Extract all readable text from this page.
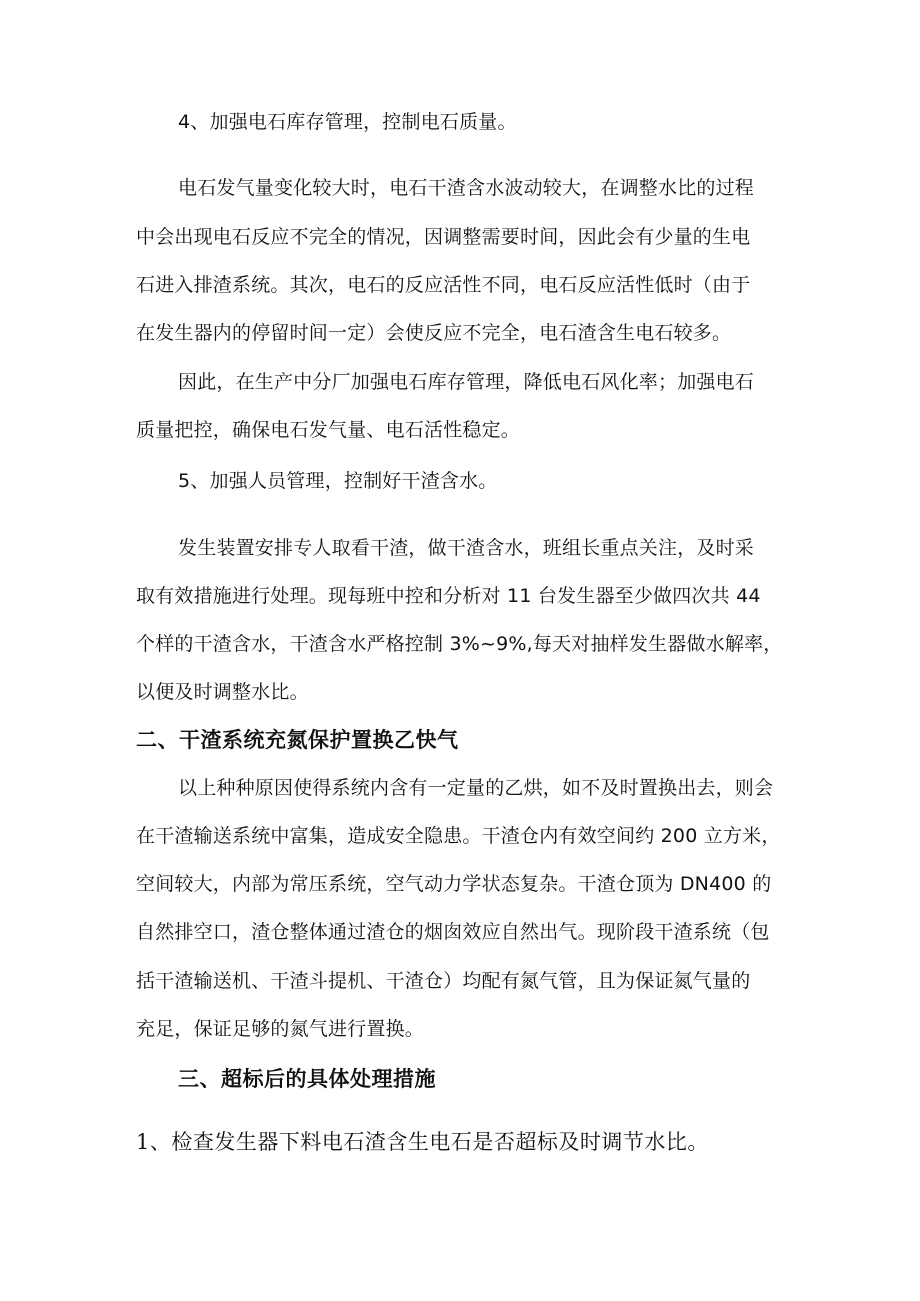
4、加强电石库存管理，控制电石质量。
电石发气量变化较大时，电石干渣含水波动较大，在调整水比的过程
中会出现电石反应不完全的情况，因调整需要时间，因此会有少量的生电
石进入排渣系统。其次，电石的反应活性不同，电石反应活性低时（由于
在发生器内的停留时间一定）会使反应不完全，电石渣含生电石较多。
因此，在生产中分厂加强电石库存管理，降低电石风化率；加强电石
质量把控，确保电石发气量、电石活性稳定。
5、加强人员管理，控制好干渣含水。
发生装置安排专人取看干渣，做干渣含水，班组长重点关注，及时采
取有效措施进行处理。现每班中控和分析对 11 台发生器至少做四次共 44
个样的干渣含水，干渣含水严格控制 3%~9%,每天对抽样发生器做水解率，
以便及时调整水比。
二、干渣系统充氮保护置换乙快气
以上种种原因使得系统内含有一定量的乙烘，如不及时置换出去，则会
在干渣输送系统中富集，造成安全隐患。干渣仓内有效空间约 200 立方米，
空间较大，内部为常压系统，空气动力学状态复杂。干渣仓顶为 DN400 的
自然排空口，渣仓整体通过渣仓的烟囱效应自然出气。现阶段干渣系统（包
括干渣输送机、干渣斗提机、干渣仓）均配有氮气管，且为保证氮气量的
充足，保证足够的氮气进行置换。
三、超标后的具体处理措施
1、检查发生器下料电石渣含生电石是否超标及时调节水比。
